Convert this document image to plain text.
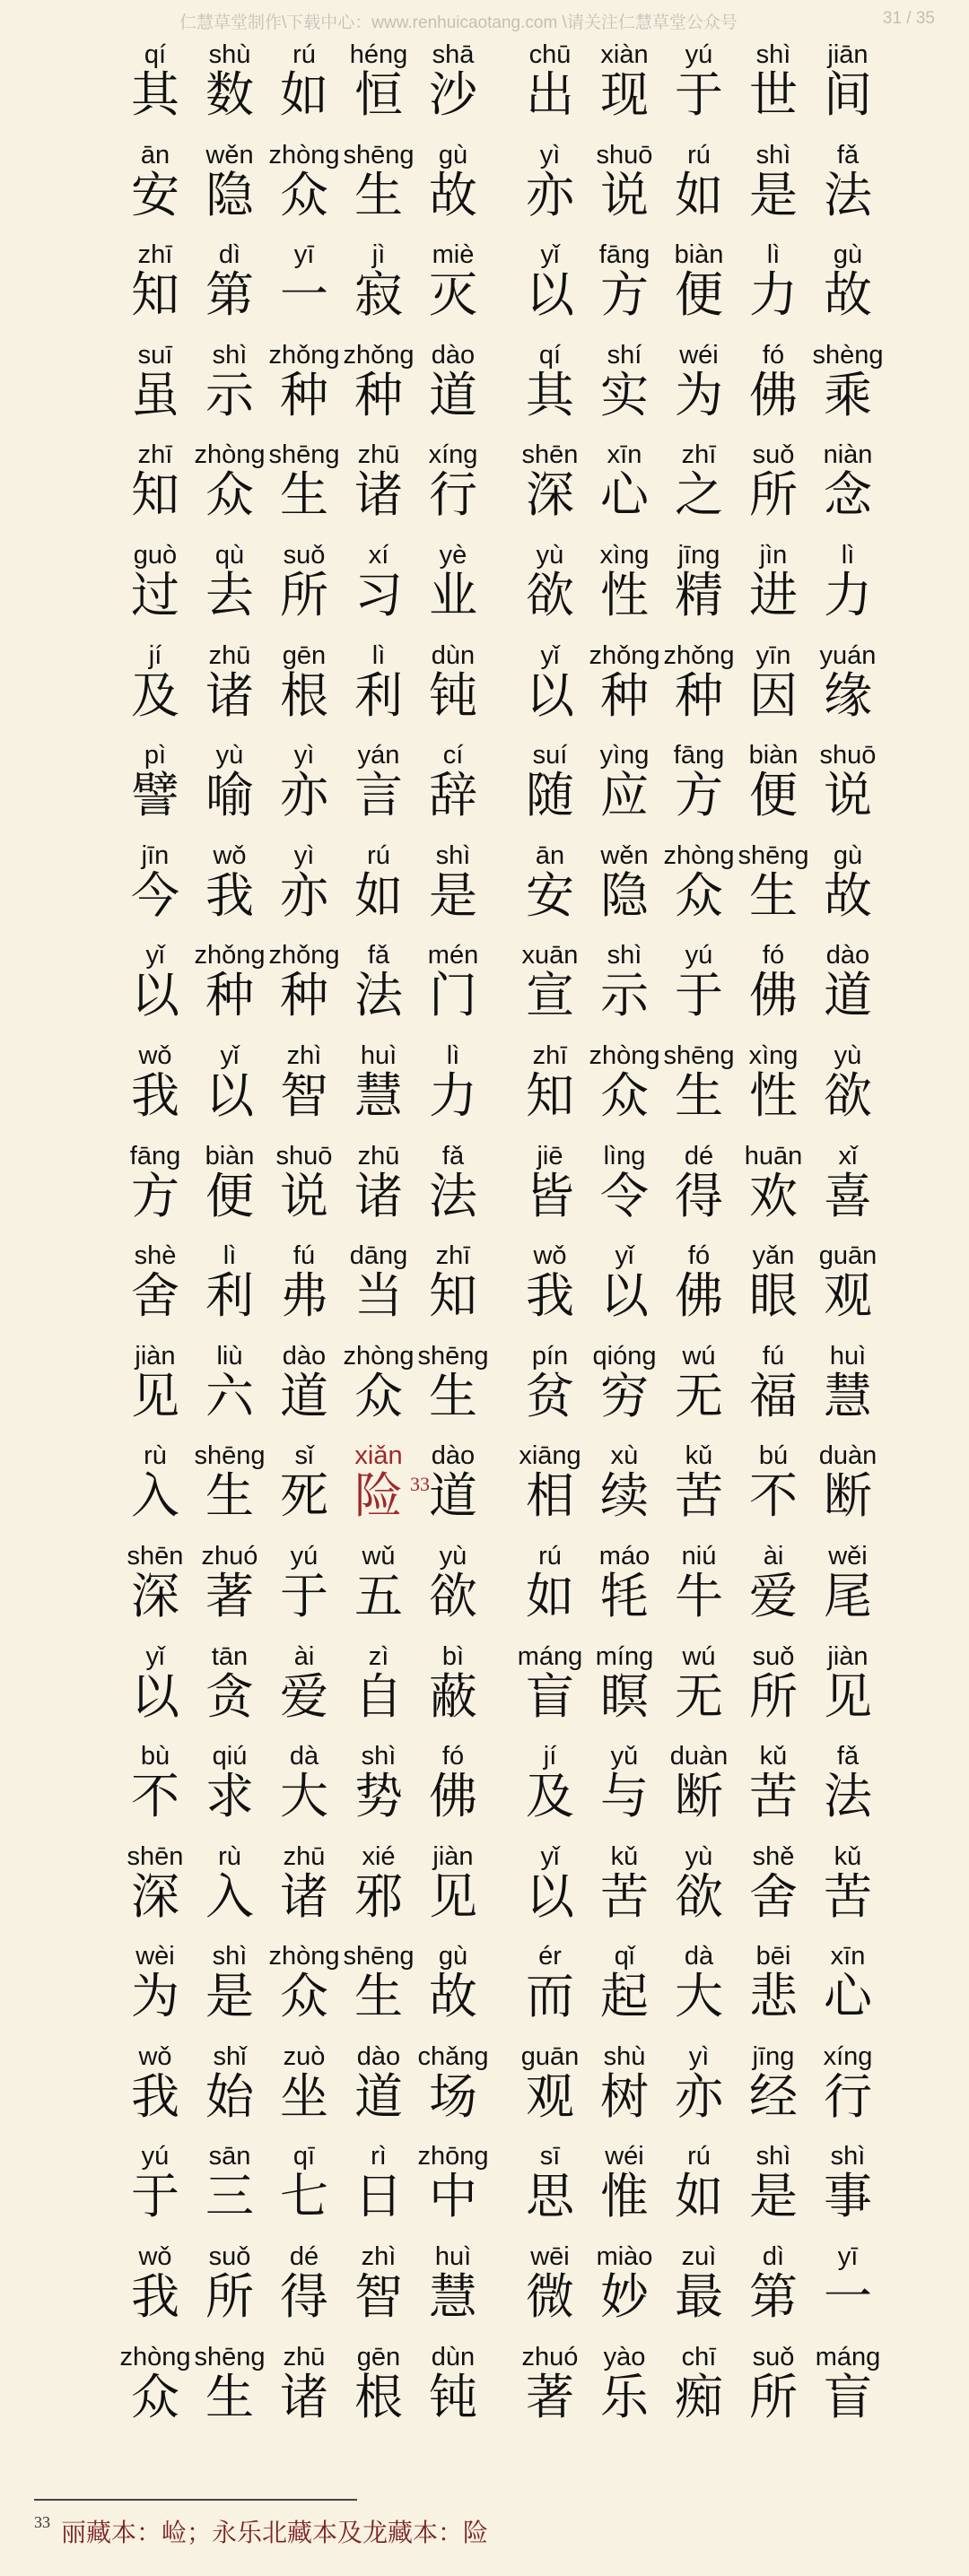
仁慧草堂制作\下载中心：www.renhuicaotang.com \请关注仁慧草堂公众号	31 / 35
qí
其
shù
数
rú
如
héng
恒
shā
沙
chū
出
xiàn
现
yú
于
shì
世
jiān
间
ān
安
wěn
隐
zhòng
众
shēng
生
gù
故
yì
亦
shuō
说
rú
如
shì
是
fǎ
法
zhī
知
dì
第
yī
一
jì
寂
miè
灭
yǐ
以
fāng
方
biàn
便
lì
力
gù
故
suī
虽
shì
示
zhǒng
种
zhǒng
种
dào
道
qí
其
shí
实
wéi
为
fó
佛
shèng
乘
zhī
知
zhòng
众
shēng
生
zhū
诸
xíng
行
shēn
深
xīn
心
zhī
之
suǒ
所
niàn
念
guò
过
qù
去
suǒ
所
xí
习
yè
业
yù
欲
xìng
性
jīng
精
jìn
进
lì
力
jí
及
zhū
诸
gēn
根
lì
利
dùn
钝
yǐ
以
zhǒng
种
zhǒng
种
yīn
因
yuán
缘
pì
譬
yù
喻
yì
亦
yán
言
cí
辞
suí
随
yìng
应
fāng
方
biàn
便
shuō
说
jīn
今
wǒ
我
yì
亦
rú
如
shì
是
ān
安
wěn
隐
zhòng
众
shēng
生
gù
故
yǐ
以
zhǒng
种
zhǒng
种
fǎ
法
mén
门
xuān
宣
shì
示
yú
于
fó
佛
dào
道
wǒ
我
yǐ
以
zhì
智
huì
慧
lì
力
zhī
知
zhòng
众
shēng
生
xìng
性
yù
欲
fāng
方
biàn
便
shuō
说
zhū
诸
fǎ
法
jiē
皆
lìng
令
dé
得
huān
欢
xǐ
喜
shè
舍
lì
利
fú
弗
dāng
当
zhī
知
wǒ
我
yǐ
以
fó
佛
yǎn
眼
guān
观
jiàn
见
liù
六
dào
道
zhòng
众
shēng
生
pín
贫
qióng
穷
wú
无
fú
福
huì
慧
rù
入
shēng
生
sǐ
死
xiǎn
险 33
dào
道
xiāng
相
xù
续
kǔ
苦
bú
不
duàn
断
shēn
深
zhuó
著
yú
于
wǔ
五
yù
欲
rú
如
máo
牦
niú
牛
ài
爱
wěi
尾
yǐ
以
tān
贪
ài
爱
zì
自
bì
蔽
máng
盲
míng
瞑
wú
无
suǒ
所
jiàn
见
bù
不
qiú
求
dà
大
shì
势
fó
佛
jí
及
yǔ
与
duàn
断
kǔ
苦
fǎ
法
shēn
深
rù
入
zhū
诸
xié
邪
jiàn
见
yǐ
以
kǔ
苦
yù
欲
shě
舍
kǔ
苦
wèi
为
shì
是
zhòng
众
shēng
生
gù
故
ér
而
qǐ
起
dà
大
bēi
悲
xīn
心
wǒ
我
shǐ
始
zuò
坐
dào
道
chǎng
场
guān
观
shù
树
yì
亦
jīng
经
xíng
行
yú
于
sān
三
qī
七
rì
日
zhōng
中
sī
思
wéi
惟
rú
如
shì
是
shì
事
wǒ
我
suǒ
所
dé
得
zhì
智
huì
慧
wēi
微
miào
妙
zuì
最
dì
第
yī
一
zhòng
众
shēng
生
zhū
诸
gēn
根
dùn
钝
zhuó
著
yào
乐
chī
痴
suǒ
所
máng
盲
$^{33}$ 丽藏本：崄；永乐北藏本及龙藏本：险
